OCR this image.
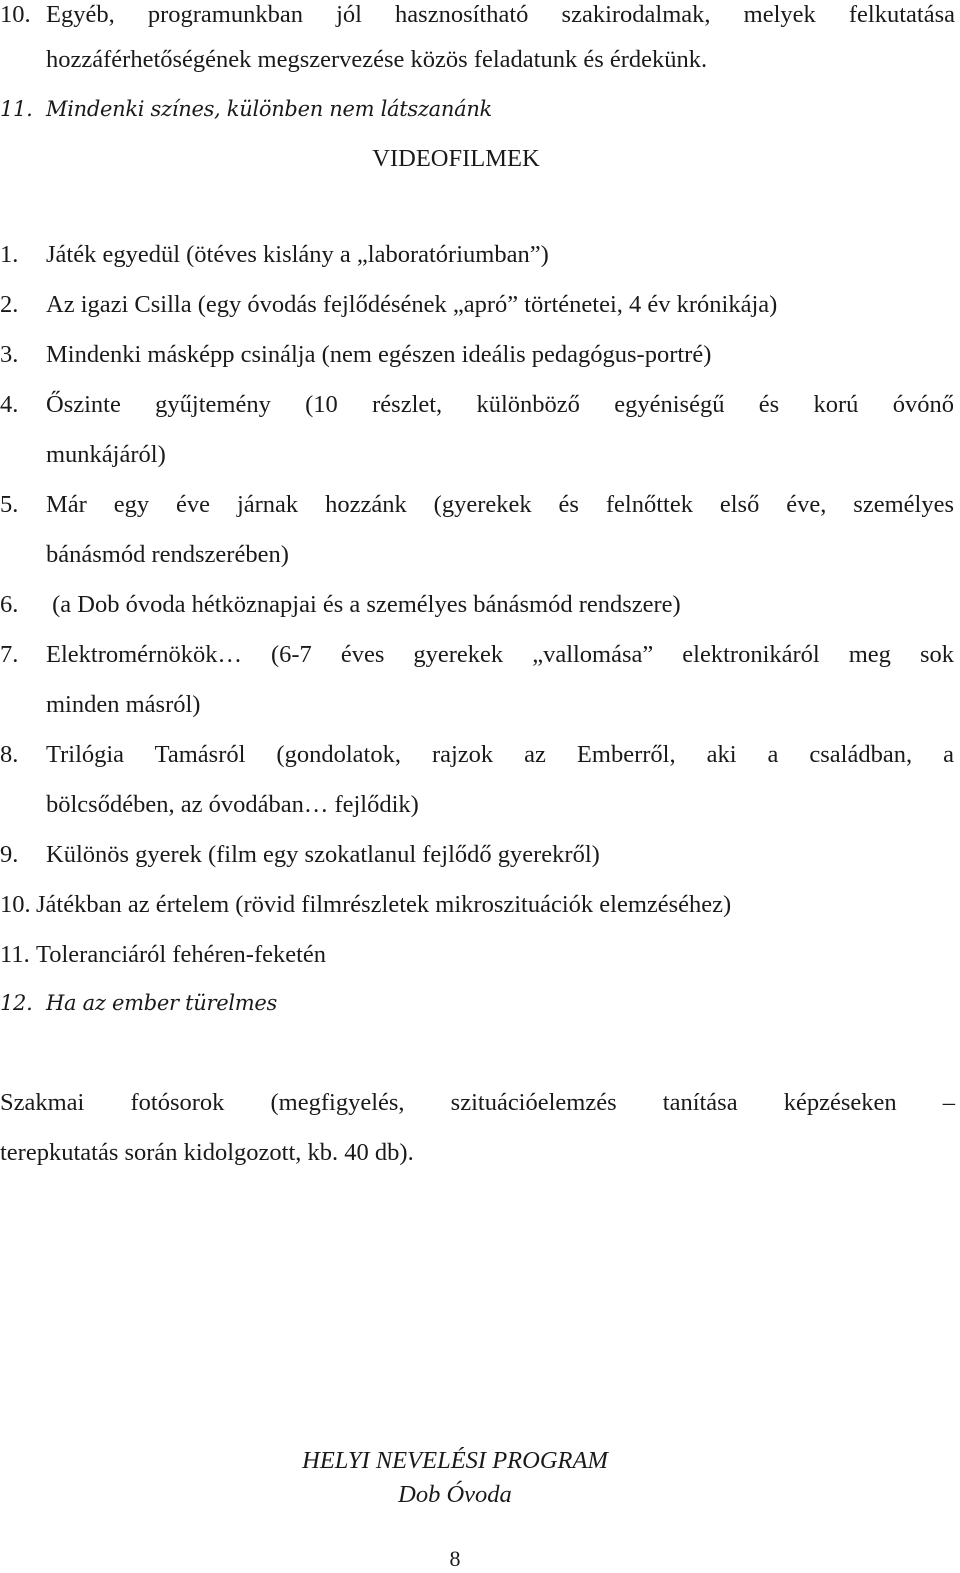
Egyéb, programunkban jól hasznosítható szakirodalmak, melyek felkutatása
10.
hozzáférhetőségének megszervezése közös feladatunk és érdekünk.
11. Mindenki színes, különben nem látszanánk
VIDEOFILMEK
1. Játék egyedül (ötéves kislány a „laboratóriumban”)
2. Az igazi Csilla (egy óvodás fejlődésének „apró” történetei, 4 év krónikája)
3. Mindenki másképp csinálja (nem egészen ideális pedagógus-portré)
4. Őszinte gyűjtemény (10 részlet, különböző egyéniségű és korú óvónő
munkájáról)
5. Már egy éve járnak hozzánk (gyerekek és felnőttek első éve, személyes
bánásmód rendszerében)
6. (a Dob óvoda hétköznapjai és a személyes bánásmód rendszere)
7. Elektromérnökök… (6-7 éves gyerekek „vallomása” elektronikáról meg sok
minden másról)
8. Trilógia Tamásról (gondolatok, rajzok az Emberről, aki a családban, a
bölcsődében, az óvodában… fejlődik)
9. Különös gyerek (film egy szokatlanul fejlődő gyerekről)
10. Játékban az értelem (rövid filmrészletek mikroszituációk elemzéséhez)
11. Toleranciáról fehéren-feketén
12. Ha az ember türelmes
Szakmai fotósorok (megfigyelés, szituációelemzés tanítása képzéseken –
terepkutatás során kidolgozott, kb. 40 db).
HELYI NEVELÉSI PROGRAM
Dob Óvoda
8
